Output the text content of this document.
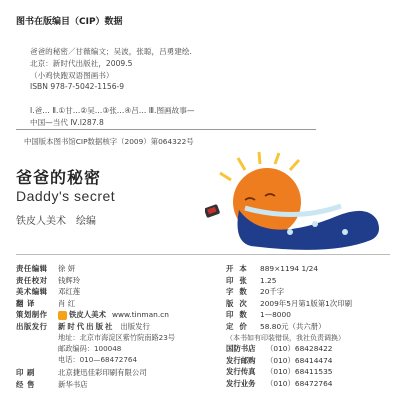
图书在版编目（CIP）数据
爸爸的秘密／甘薇编文；吴波，张聪，吕勇建绘.
北京：新时代出版社，2009.5
（小鸡快跑双语图画书）
ISBN 978-7-5042-1156-9
Ⅰ.爸… Ⅱ.①甘…②吴…③张…④吕… Ⅲ.图画故事—
中国—当代 Ⅳ.I287.8
中国版本图书馆CIP数据核字（2009）第064322号
爸爸的秘密
Daddy's secret
铁皮人美术 绘编
责任编辑	徐 妍
责任校对	钱辉玲
美术编辑	邓红莲
翻 译	肖 红
策划制作	铁皮人美术 www.tinman.cn
出版发行	新时代出版社 出版发行
地址：北京市海淀区紫竹院南路23号
邮政编码：100048
电话：010—68472764
印 刷	北京捷迅佳彩印刷有限公司
经 售	新华书店
开本 889×1194 1/24
印张 1.25
字数 20千字
版次 2009年5月第1版第1次印刷
印数 1—8000
定价 58.80元（共六册）
（本书如有印装错误，我社负责调换）
国防书店	（010）68428422
发行邮购	（010）68414474
发行传真	（010）68411535
发行业务	（010）68472764
